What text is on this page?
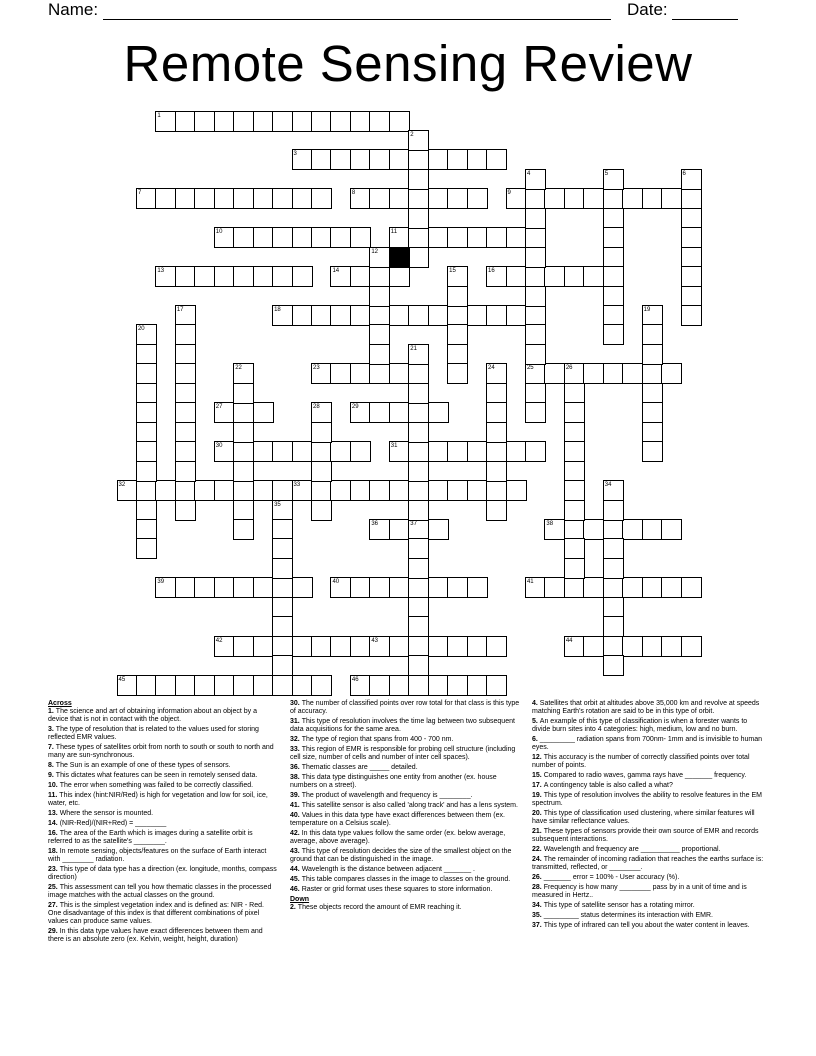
Name:	Date:
Remote Sensing Review
1
3
7	8	9
10	11
13	14	16
18
23	25	26
27	29
30	31
32	33
36	37	38
39	40	41
42	43	44
45	46
2
4	5	6
12
15
17	19
20
21
22	24
28
34
35
Across

1. The science and art of obtaining information about an object by a device that is not in contact with the object.

3. The type of resolution that is related to the values used for storing reflected EMR values.

7. These types of satellites orbit from north to south or south to north and many are sun-synchronous.

8. The Sun is an example of one of these types of sensors.

9. This dictates what features can be seen in remotely sensed data.

10. The error when something was failed to be correctly classified.

11. This index (hint:NIR/Red) is high for vegetation and low for soil, ice, water, etc.

13. Where the sensor is mounted.

14. (NIR-Red)/(NIR+Red) = ________

16. The area of the Earth which is images during a satellite orbit is referred to as the satellite's ________.

18. In remote sensing, objects/features on the surface of Earth interact with ________ radiation.

23. This type of data type has a direction (ex. longitude, months, compass direction)

25. This assessment can tell you how thematic classes in the processed image matches with the actual classes on the ground.

27. This is the simplest vegetation index and is defined as: NIR - Red. One disadvantage of this index is that different combinations of pixel values can produce same values.

29. In this data type values have exact differences between them and there is an absolute zero (ex. Kelvin, weight, height, duration)

30. The number of classified points over row total for that class is this type of accuracy.

31. This type of resolution involves the time lag between two subsequent data acquisitions for the same area.

32. The type of region that spans from 400 - 700 nm.

33. This region of EMR is responsible for probing cell structure (including cell size, number of cells and number of inter cell spaces).

36. Thematic classes are _____ detailed.

38. This data type distinguishes one entity from another (ex. house numbers on a street).

39. The product of wavelength and frequency is ________.

41. This satellite sensor is also called 'along track' and has a lens system.

40. Values in this data type have exact differences between them (ex. temperature on a Celsius scale).

42. In this data type values follow the same order (ex. below average, average, above average).

43. This type of resolution decides the size of the smallest object on the ground that can be distinguished in the image.

44. Wavelength is the distance between adjacent _______ .

45. This table compares classes in the image to classes on the ground.

46. Raster or grid format uses these squares to store information.

Down

2. These objects record the amount of EMR reaching it.

4. Satellites that orbit at altitudes above 35,000 km and revolve at speeds matching Earth's rotation are said to be in this type of orbit.

5. An example of this type of classification is when a forester wants to divide burn sites into 4 categories: high, medium, low and no burn.

6. _________ radiation spans from 700nm- 1mm and is invisible to human eyes.

12. This accuracy is the number of correctly classified points over total number of points.

15. Compared to radio waves, gamma rays have _______ frequency.

17. A contingency table is also called a what?

19. This type of resolution involves the ability to resolve features in the EM spectrum.

20. This type of classification used clustering, where similar features will have similar reflectance values.

21. These types of sensors provide their own source of EMR and records subsequent interactions.

22. Wavelength and frequency are __________ proportional.

24. The remainder of incoming radiation that reaches the earths surface is: transmitted, reflected, or ________.

26. _______ error = 100% - User accuracy (%).

28. Frequency is how many ________ pass by in a unit of time and is measured in Hertz..

34. This type of satellite sensor has a rotating mirror.

35. _________ status determines its interaction with EMR.

37. This type of infrared can tell you about the water content in leaves.
